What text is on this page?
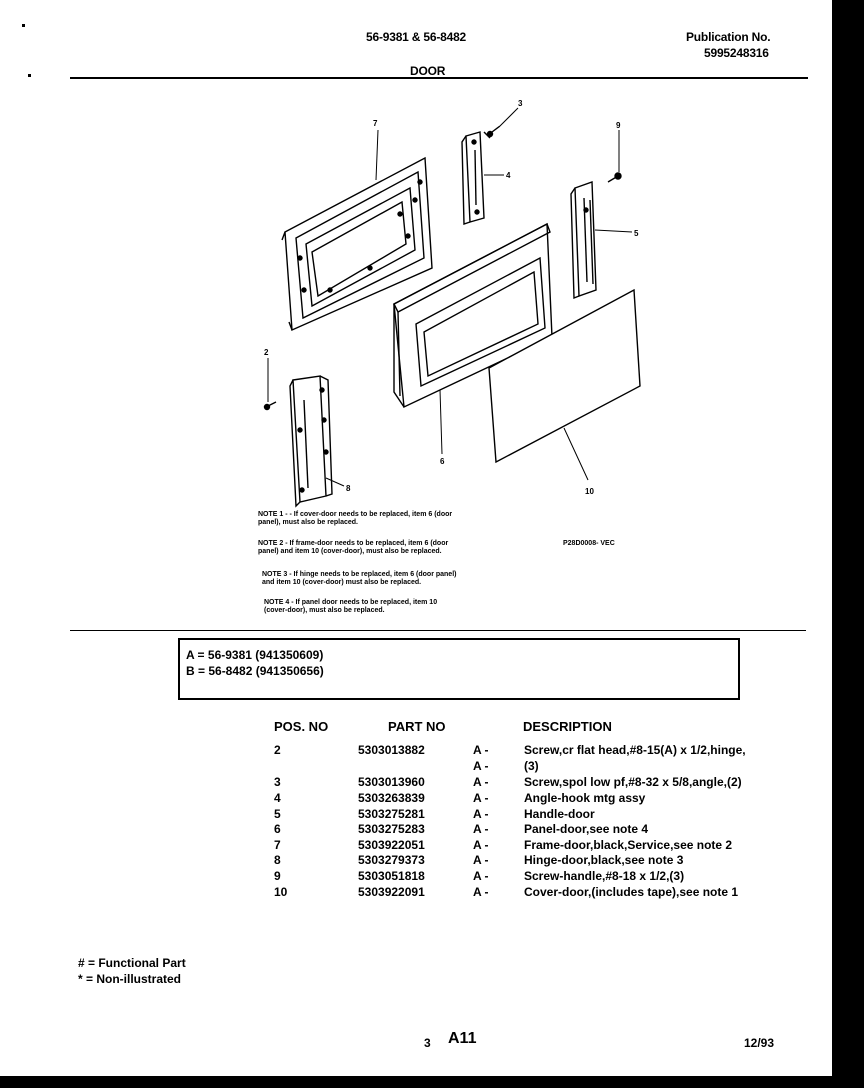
56-9381 & 56-8482	Publication No.
5995248316
DOOR
7
3
4
9
5
2
6
8	10

NOTE 1 - - If cover-door needs to be replaced, item 6 (door

panel), must also be replaced.

NOTE 2 - If frame-door needs to be replaced, item 6 (door

panel) and item 10 (cover-door), must also be replaced.

NOTE 3 - If hinge needs to be replaced, item 6 (door panel)

and item 10 (cover-door) must also be replaced.

NOTE 4 - If panel door needs to be replaced, item 10

(cover-door), must also be replaced.

P28D0008- VEC
A = 56-9381 (941350609)
B = 56-8482 (941350656)
POS. NO	PART NO	DESCRIPTION
2	5303013882	A -	Screw,cr flat head,#8-15(A) x 1/2,hinge,
A -	(3)
3	5303013960	A -	Screw,spol low pf,#8-32 x 5/8,angle,(2)
4	5303263839	A -	Angle-hook mtg assy
5	5303275281	A -	Handle-door
6	5303275283	A -	Panel-door,see note 4
7	5303922051	A -	Frame-door,black,Service,see note 2
8	5303279373	A -	Hinge-door,black,see note 3
9	5303051818	A -	Screw-handle,#8-18 x 1/2,(3)
10	5303922091	A -	Cover-door,(includes tape),see note 1
# = Functional Part
* = Non-illustrated
3 A11	12/93
